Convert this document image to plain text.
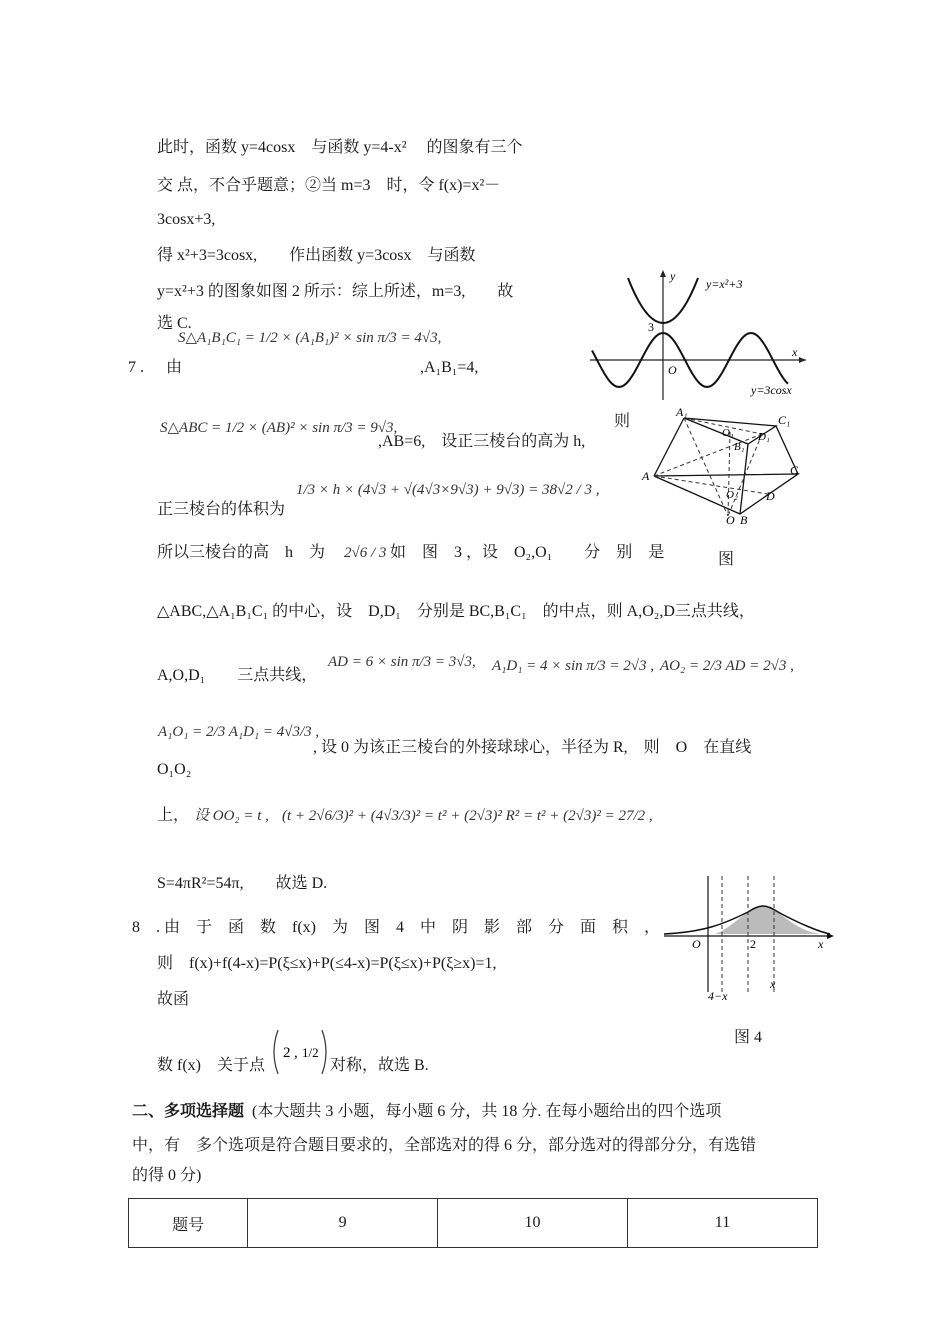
此时，函数 y=4cosx　与函数 y=4-x²　 的图象有三个
交 点，不合乎题意；②当 m=3　时，令 f(x)=x²－
3cosx+3,
得 x²+3=3cosx,　　作出函数 y=3cosx　与函数
y=x²+3 的图象如图 2 所示：综上所述，m=3,　　故
选 C.
y=x²+3
y=3cosx
x
y
O
3
S△A₁B₁C₁ = 1/2 × (A₁B₁)² × sin π/3 = 4√3,
7 . 由	,A₁B₁=4,
S△ABC = 1/2 × (AB)² × sin π/3 = 9√3,
,AB=6,　设正三棱台的高为 h,
则
1/3 × h × (4√3 + √(4√3×9√3) + 9√3) = 38√2 / 3 ,
正三棱台的体积为
所以三棱台的高　h　为 2√6 / 3 如　图　3 ，设　O₂,O₁　　分　别　是
△ABC,△A₁B₁C₁ 的中心，设　D,D₁　分别是 BC,B₁C₁　的中点，则 A,O₂,D三点共线，
A,O,D₁　　三点共线，
AD = 6 × sin π/3 = 3√3, A₁D₁ = 4 × sin π/3 = 2√3 , AO₂ = 2/3 AD = 2√3 ,
A₁O₁ = 2/3 A₁D₁ = 4√3/3 ,
, 设 0 为该正三棱台的外接球球心，半径为 R,　则　O　在直线
O₁O₂
上， 设 OO₂ = t , (t + 2√6/3)² + (4√3/3)² = t² + (2√3)² R² = t² + (2√3)² = 27/2 ,
S=4πR²=54π,　　故选 D.
A₁
C₁
O₁ D₁
B₁
A	C
O₂ D
O B
图
8　. 由　于　函　数　f(x)　为　图　4　中　阴　影　部　分　面　积　，
则　f(x)+f(4-x)=P(ξ≤x)+P(≤4-x)=P(ξ≤x)+P(ξ≥x)=1,
故函
数 f(x)　关于点
2 , 1/2
对称，故选 B.
O	2	x
4−x
x
图 4
二、多项选择题 (本大题共 3 小题，每小题 6 分，共 18 分. 在每小题给出的四个选项
中，有　多个选项是符合题目要求的，全部选对的得 6 分，部分选对的得部分分，有选错
的得 0 分)
题号	9	10	11
